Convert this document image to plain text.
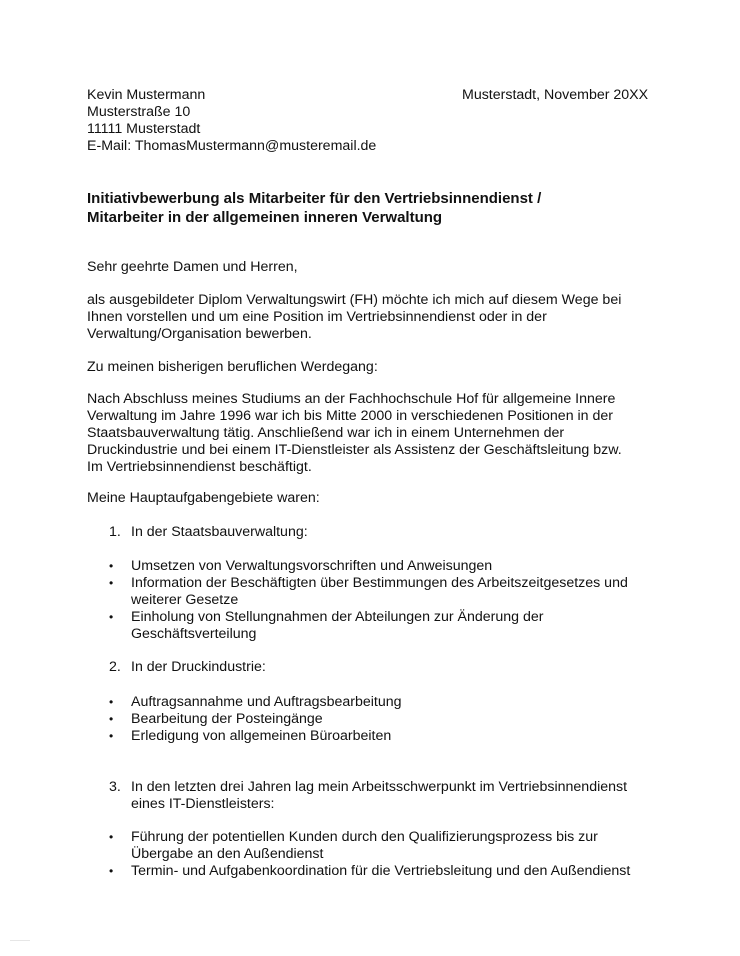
Kevin Mustermann
Musterstraße 10
11111 Musterstadt
E-Mail: ThomasMustermann@musteremail.de
Musterstadt, November 20XX
Initiativbewerbung als Mitarbeiter für den Vertriebsinnendienst /
Mitarbeiter in der allgemeinen inneren Verwaltung
Sehr geehrte Damen und Herren,
als ausgebildeter Diplom Verwaltungswirt (FH) möchte ich mich auf diesem Wege bei
Ihnen vorstellen und um eine Position im Vertriebsinnendienst oder in der
Verwaltung/Organisation bewerben.
Zu meinen bisherigen beruflichen Werdegang:
Nach Abschluss meines Studiums an der Fachhochschule Hof für allgemeine Innere
Verwaltung im Jahre 1996 war ich bis Mitte 2000 in verschiedenen Positionen in der
Staatsbauverwaltung tätig. Anschließend war ich in einem Unternehmen der
Druckindustrie und bei einem IT-Dienstleister als Assistenz der Geschäftsleitung bzw.
Im Vertriebsinnendienst beschäftigt.
Meine Hauptaufgabengebiete waren:
1. In der Staatsbauverwaltung:
•	Umsetzen von Verwaltungsvorschriften und Anweisungen
•	Information der Beschäftigten über Bestimmungen des Arbeitszeitgesetzes und
weiterer Gesetze
•	Einholung von Stellungnahmen der Abteilungen zur Änderung der
Geschäftsverteilung
2. In der Druckindustrie:
•	Auftragsannahme und Auftragsbearbeitung
•	Bearbeitung der Posteingänge
•	Erledigung von allgemeinen Büroarbeiten
3. In den letzten drei Jahren lag mein Arbeitsschwerpunkt im Vertriebsinnendienst
eines IT-Dienstleisters:
•	Führung der potentiellen Kunden durch den Qualifizierungsprozess bis zur
Übergabe an den Außendienst
•	Termin- und Aufgabenkoordination für die Vertriebsleitung und den Außendienst
